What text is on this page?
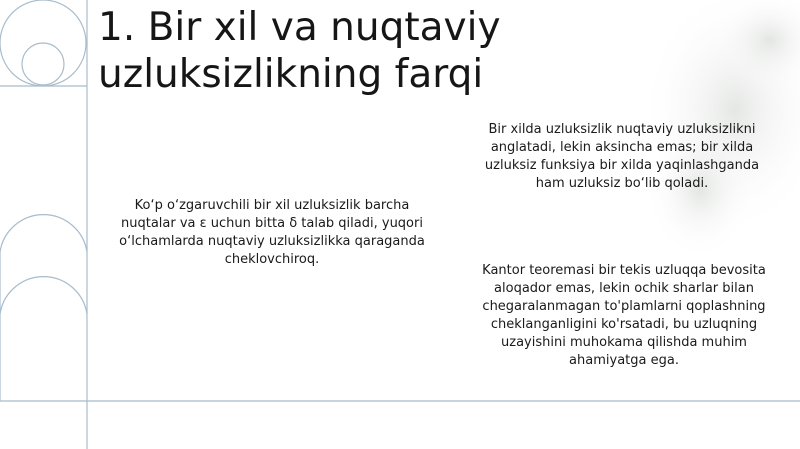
1. Bir xil va nuqtaviy uzluksizlikning farqi

Ko‘p o‘zgaruvchili bir xil uzluksizlik barcha nuqtalar va ε uchun bitta δ talab qiladi, yuqori o‘lchamlarda nuqtaviy uzluksizlikka qaraganda cheklovchiroq.

Bir xilda uzluksizlik nuqtaviy uzluksizlikni anglatadi, lekin aksincha emas; bir xilda uzluksiz funksiya bir xilda yaqinlashganda ham uzluksiz bo‘lib qoladi.

Kantor teoremasi bir tekis uzluqqa bevosita aloqador emas, lekin ochik sharlar bilan chegaralanmagan to'plamlarni qoplashning cheklanganligini ko'rsatadi, bu uzluqning uzayishini muhokama qilishda muhim ahamiyatga ega.
